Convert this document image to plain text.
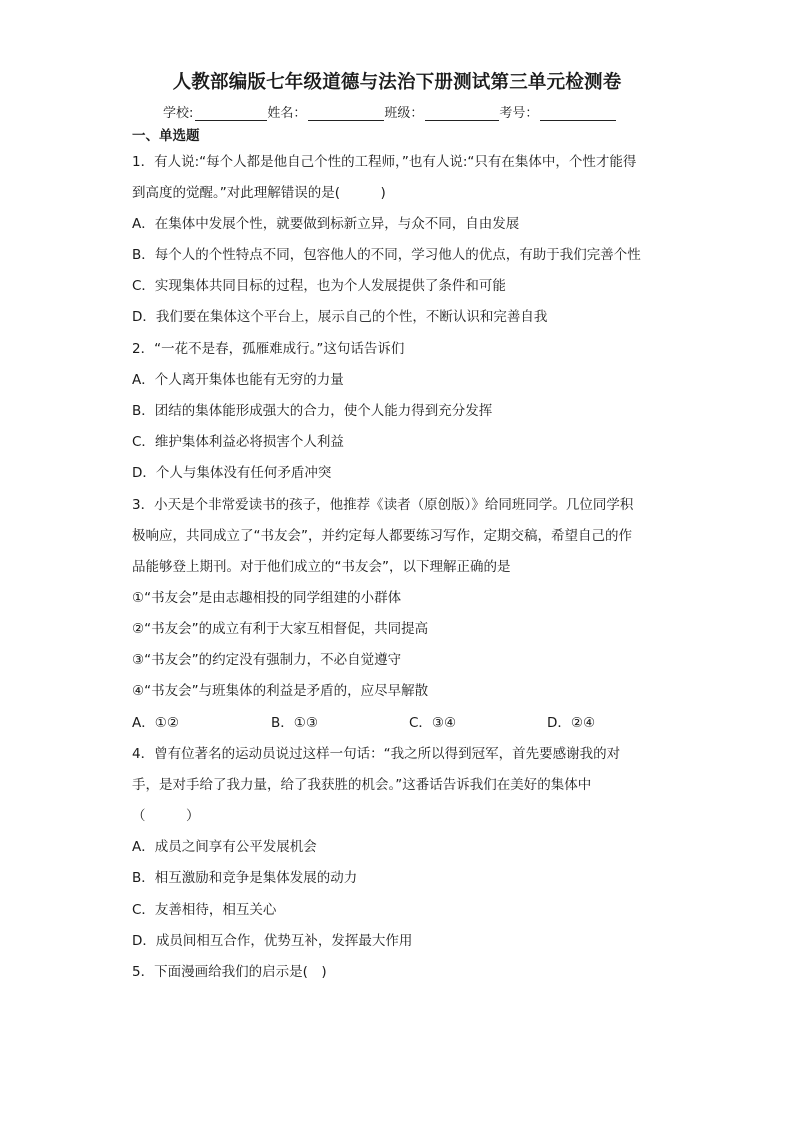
人教部编版七年级道德与法治下册测试第三单元检测卷
学校:	姓名：	班级：	考号：
一、单选题
1．有人说:“每个人都是他自己个性的工程师，”也有人说:“只有在集体中，个性才能得
到高度的觉醒。”对此理解错误的是(　　　)
A．在集体中发展个性，就要做到标新立异，与众不同，自由发展
B．每个人的个性特点不同，包容他人的不同，学习他人的优点，有助于我们完善个性
C．实现集体共同目标的过程，也为个人发展提供了条件和可能
D．我们要在集体这个平台上，展示自己的个性，不断认识和完善自我
2．“一花不是春，孤雁难成行。”这句话告诉们
A．个人离开集体也能有无穷的力量
B．团结的集体能形成强大的合力，使个人能力得到充分发挥
C．维护集体利益必将损害个人利益
D．个人与集体没有任何矛盾冲突
3．小天是个非常爱读书的孩子，他推荐《读者（原创版）》给同班同学。几位同学积
极响应，共同成立了“书友会”，并约定每人都要练习写作，定期交稿，希望自己的作
品能够登上期刊。对于他们成立的“书友会”，以下理解正确的是
①“书友会”是由志趣相投的同学组建的小群体
②“书友会”的成立有利于大家互相督促，共同提高
③“书友会”的约定没有强制力，不必自觉遵守
④“书友会”与班集体的利益是矛盾的，应尽早解散
A．①②	B．①③	C．③④	D．②④
4．曾有位著名的运动员说过这样一句话：“我之所以得到冠军，首先要感谢我的对
手，是对手给了我力量，给了我获胜的机会。”这番话告诉我们在美好的集体中
（　　　）
A．成员之间享有公平发展机会
B．相互激励和竞争是集体发展的动力
C．友善相待，相互关心
D．成员间相互合作，优势互补，发挥最大作用
5．下面漫画给我们的启示是(　)
